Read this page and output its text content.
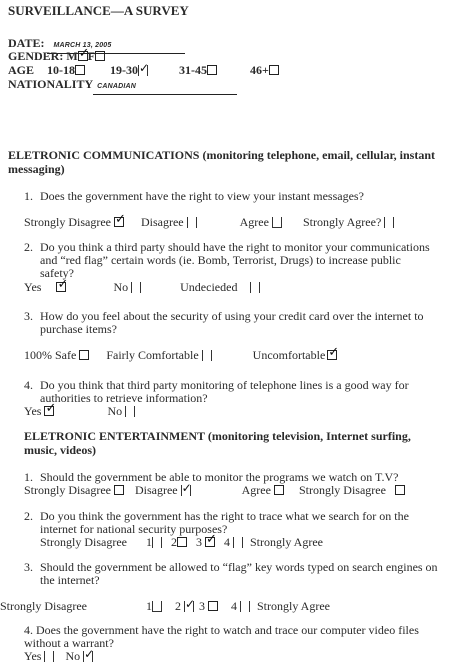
SURVEILLANCE—A SURVEY
DATE: MARCH 13, 2005
GENDER: M ✓ F
AGE 10-18	19-30 ✓	31-45	46+
NATIONALITY CANADIAN
ELETRONIC COMMUNICATIONS (monitoring telephone, email, cellular, instant
messaging)
1. Does the government have the right to view your instant messages?
Strongly Disagree ✓	Disagree	Agree	Strongly Agree?
2. Do you think a third party should have the right to monitor your communications
and “red flag” certain words (ie. Bomb, Terrorist, Drugs) to increase public
safety?
Yes ✓	No	Undecieded
3. How do you feel about the security of using your credit card over the internet to
purchase items?
100% Safe	Fairly Comfortable	Uncomfortable✓
4. Do you think that third party monitoring of telephone lines is a good way for
authorities to retrieve information?
Yes ✓	No
ELETRONIC ENTERTAINMENT (monitoring television, Internet surfing,
music, videos)
1. Should the government be able to monitor the programs we watch on T.V?
Strongly Disagree Disagree ✓	Agree Strongly Disagree
2. Do you think the government has the right to trace what we search for on the
internet for national security purposes?
Strongly Disagree 1 2 3 ✓ 4 Strongly Agree
3. Should the government be allowed to “flag” key words typed on search engines on
the internet?
Strongly Disagree	1 2 ✓ 3 4 Strongly Agree
4. Does the government have the right to watch and trace our computer video files
without a warrant?
Yes No ✓
